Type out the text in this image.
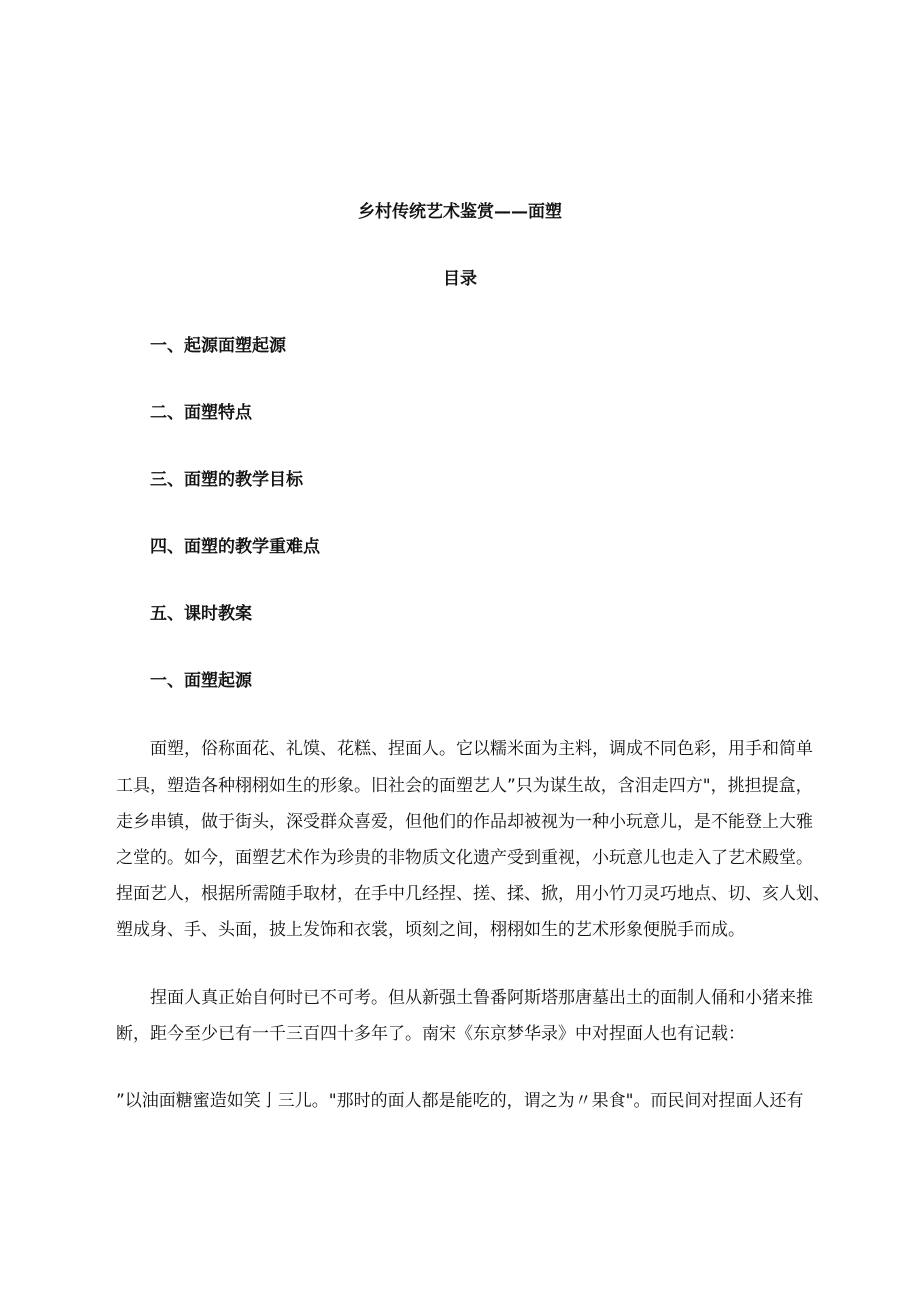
乡村传统艺术鉴赏——面塑
目录
一、起源面塑起源
二、面塑特点
三、面塑的教学目标
四、面塑的教学重难点
五、课时教案
一、面塑起源
面塑，俗称面花、礼馍、花糕、捏面人。它以糯米面为主料，调成不同色彩，用手和简单
工具，塑造各种栩栩如生的形象。旧社会的面塑艺人”只为谋生故，含泪走四方"，挑担提盒，
走乡串镇，做于街头，深受群众喜爱，但他们的作品却被视为一种小玩意儿，是不能登上大雅
之堂的。如今，面塑艺术作为珍贵的非物质文化遗产受到重视，小玩意儿也走入了艺术殿堂。
捏面艺人，根据所需随手取材，在手中几经捏、搓、揉、掀，用小竹刀灵巧地点、切、亥人划、
塑成身、手、头面，披上发饰和衣裳，顷刻之间，栩栩如生的艺术形象便脱手而成。
捏面人真正始自何时已不可考。但从新强土鲁番阿斯塔那唐墓出土的面制人俑和小猪来推
断，距今至少已有一千三百四十多年了。南宋《东京梦华录》中对捏面人也有记载：
”以油面糖蜜造如笑亅三儿。"那时的面人都是能吃的，谓之为〃果食"。而民间对捏面人还有
